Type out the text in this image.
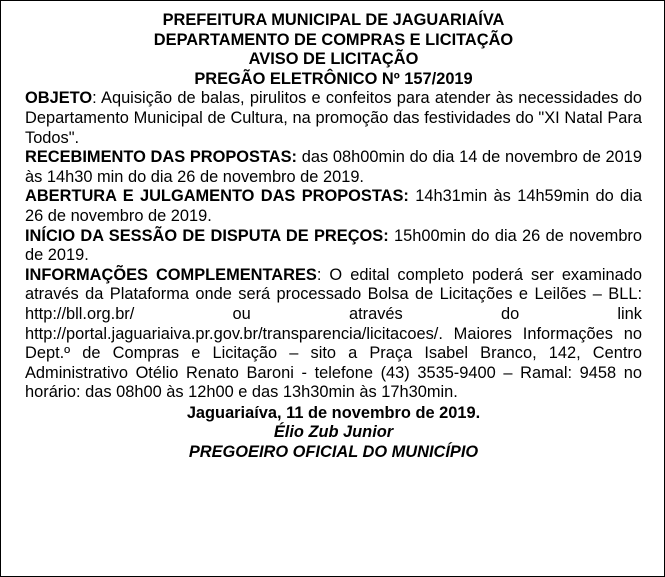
PREFEITURA MUNICIPAL DE JAGUARIAÍVA
DEPARTAMENTO DE COMPRAS E LICITAÇÃO
AVISO DE LICITAÇÃO
PREGÃO ELETRÔNICO Nº 157/2019

OBJETO: Aquisição de balas, pirulitos e confeitos para atender às necessidades do Departamento Municipal de Cultura, na promoção das festividades do "XI Natal Para Todos".

RECEBIMENTO DAS PROPOSTAS: das 08h00min do dia 14 de novembro de 2019 às 14h30 min do dia 26 de novembro de 2019.

ABERTURA E JULGAMENTO DAS PROPOSTAS: 14h31min às 14h59min do dia 26 de novembro de 2019.

INÍCIO DA SESSÃO DE DISPUTA DE PREÇOS: 15h00min do dia 26 de novembro de 2019.

INFORMAÇÕES COMPLEMENTARES: O edital completo poderá ser examinado através da Plataforma onde será processado Bolsa de Licitações e Leilões – BLL: http://bll.org.br/ ou através do link http://portal.jaguariaiva.pr.gov.br/transparencia/licitacoes/. Maiores Informações no Dept.º de Compras e Licitação – sito a Praça Isabel Branco, 142, Centro Administrativo Otélio Renato Baroni - telefone (43) 3535-9400 – Ramal: 9458 no horário: das 08h00 às 12h00 e das 13h30min às 17h30min.

Jaguariaíva, 11 de novembro de 2019.
Élio Zub Junior
PREGOEIRO OFICIAL DO MUNICÍPIO
